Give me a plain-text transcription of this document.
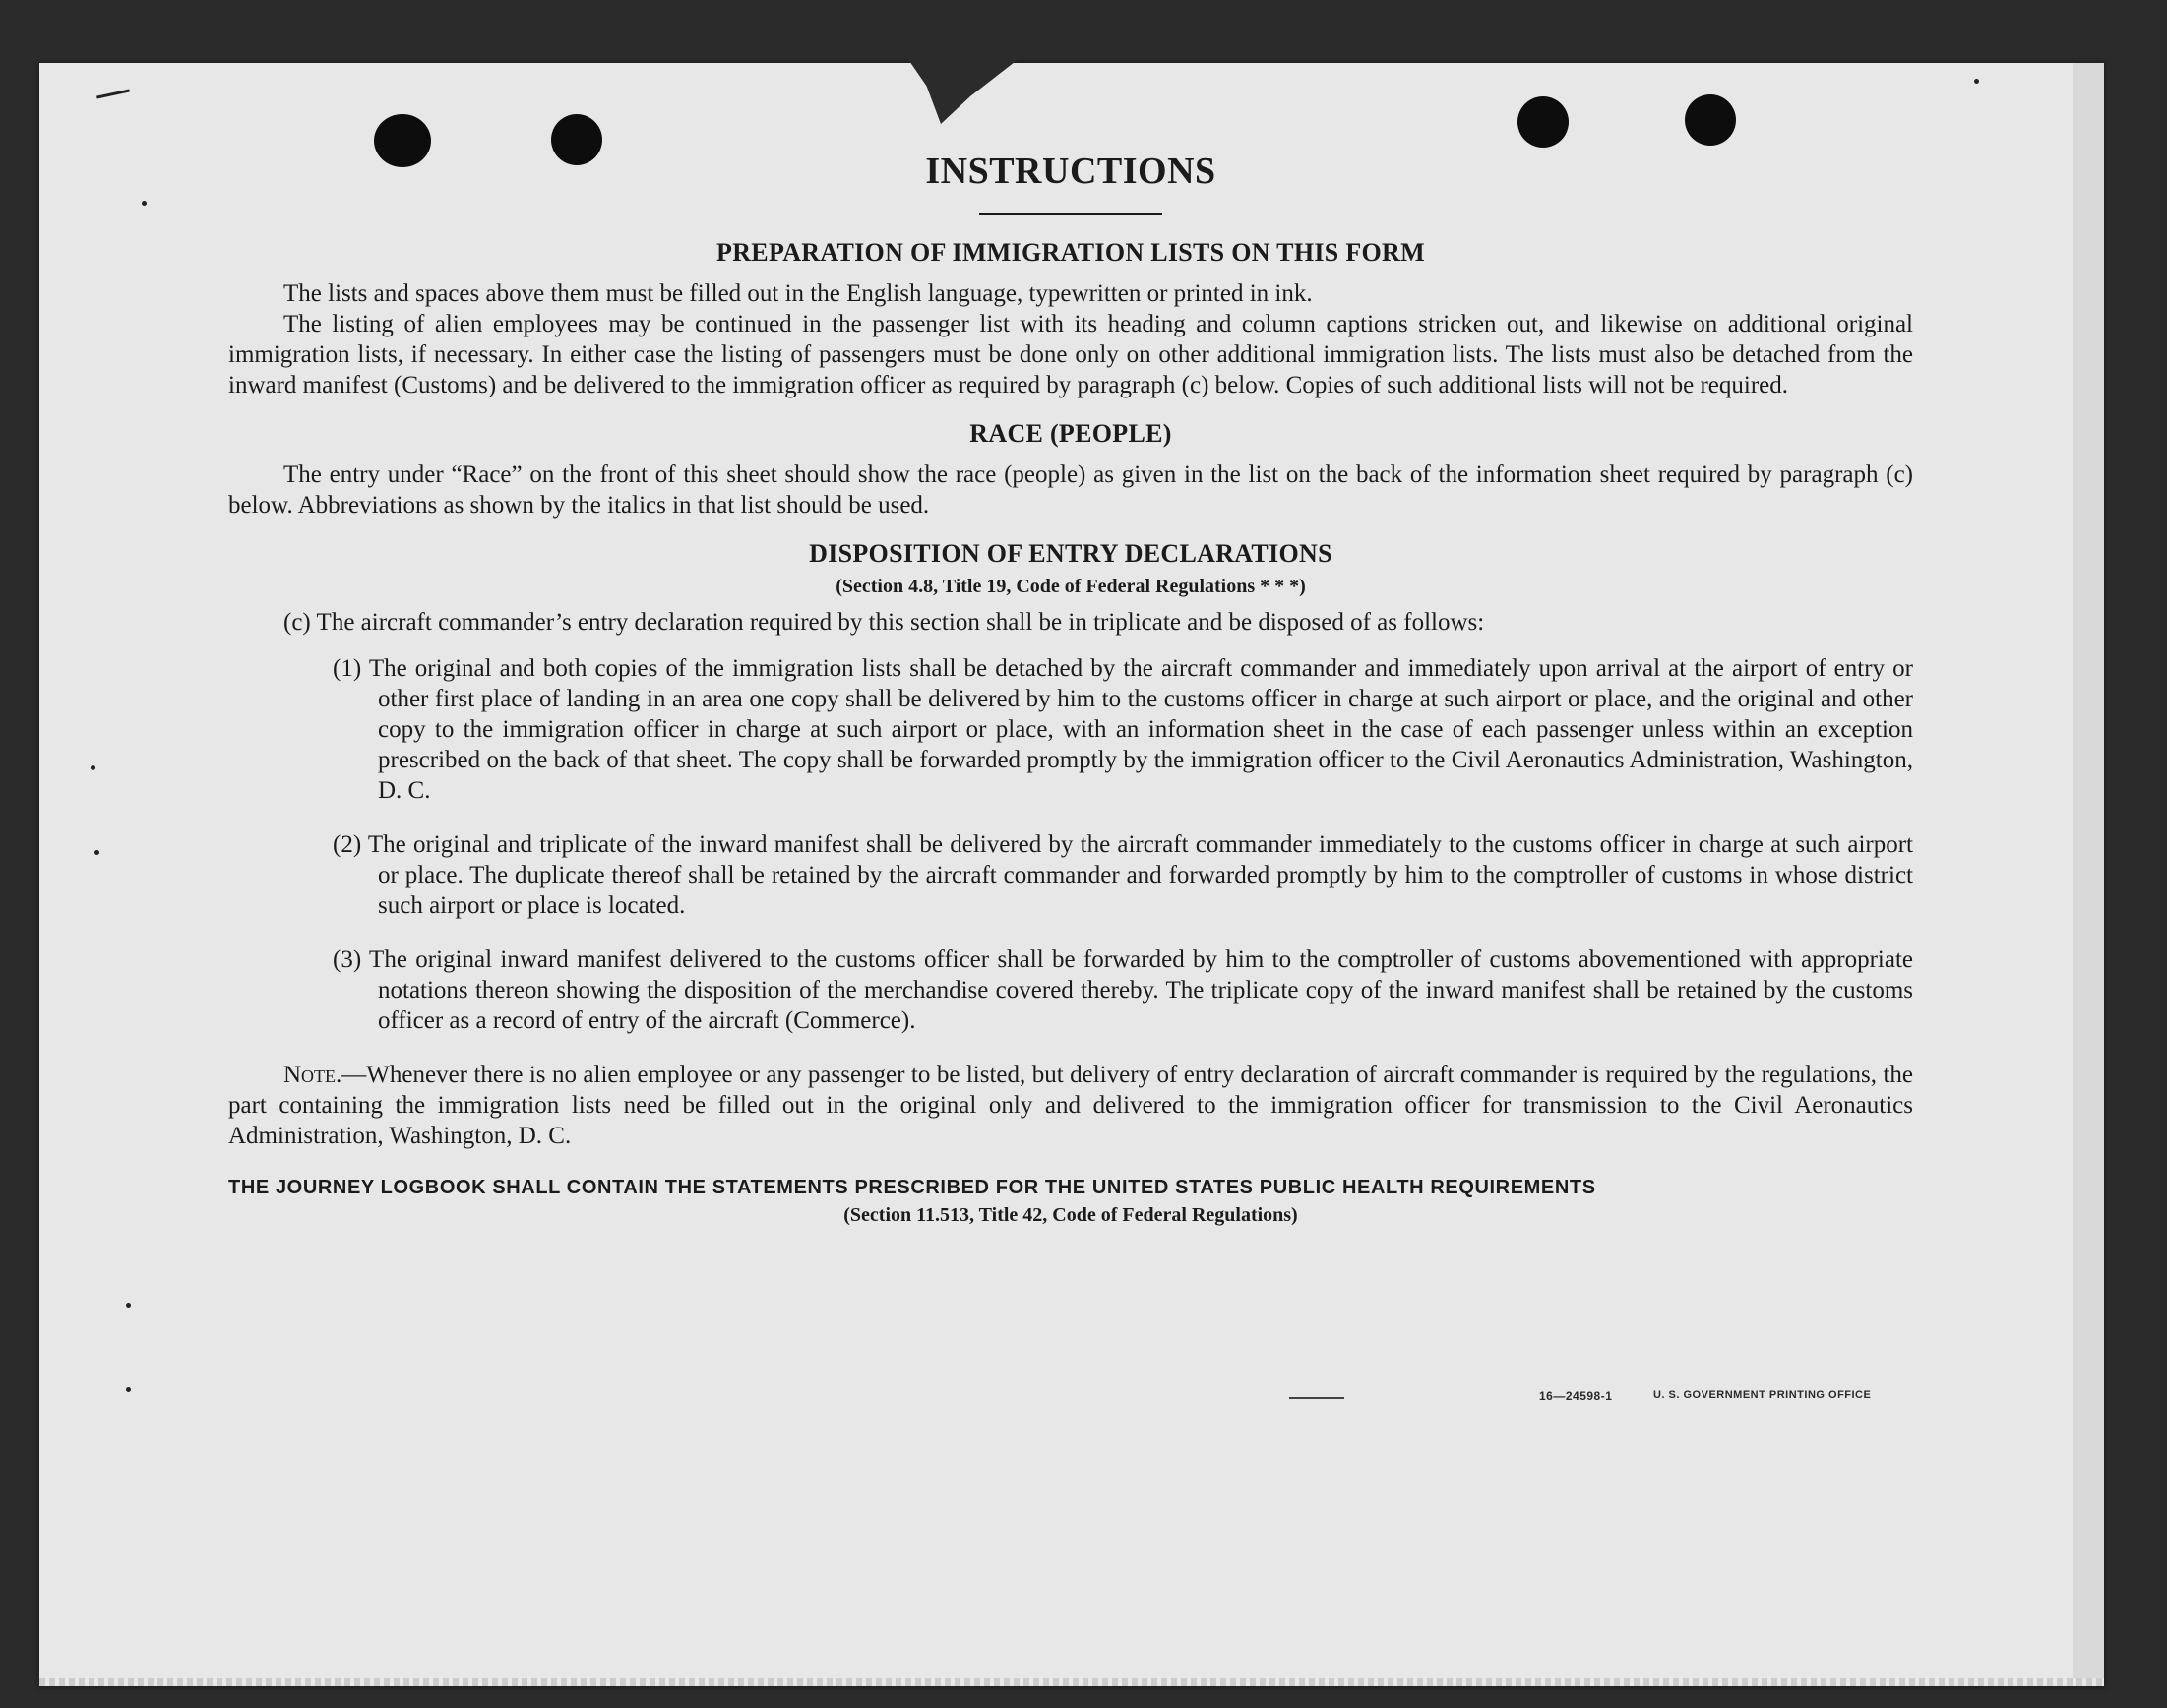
16—24598-1	U. S. GOVERNMENT PRINTING OFFICE
INSTRUCTIONS
PREPARATION OF IMMIGRATION LISTS ON THIS FORM

The lists and spaces above them must be filled out in the English language, typewritten or printed in ink.

The listing of alien employees may be continued in the passenger list with its heading and column captions stricken out, and likewise on additional original immigration lists, if necessary. In either case the listing of passengers must be done only on other additional immigration lists. The lists must also be detached from the inward manifest (Customs) and be delivered to the immigration officer as required by paragraph (c) below. Copies of such additional lists will not be required.

RACE (PEOPLE)

The entry under “Race” on the front of this sheet should show the race (people) as given in the list on the back of the information sheet required by paragraph (c) below. Abbreviations as shown by the italics in that list should be used.

DISPOSITION OF ENTRY DECLARATIONS
(Section 4.8, Title 19, Code of Federal Regulations * * *)
(c) The aircraft commander’s entry declaration required by this section shall be in triplicate and be disposed of as follows:
(1) The original and both copies of the immigration lists shall be detached by the aircraft commander and immediately upon arrival at the airport of entry or other first place of landing in an area one copy shall be delivered by him to the customs officer in charge at such airport or place, and the original and other copy to the immigration officer in charge at such airport or place, with an information sheet in the case of each passenger unless within an exception prescribed on the back of that sheet. The copy shall be forwarded promptly by the immigration officer to the Civil Aeronautics Administration, Washington, D. C.
(2) The original and triplicate of the inward manifest shall be delivered by the aircraft commander immediately to the customs officer in charge at such airport or place. The duplicate thereof shall be retained by the aircraft commander and forwarded promptly by him to the comptroller of customs in whose district such airport or place is located.
(3) The original inward manifest delivered to the customs officer shall be forwarded by him to the comptroller of customs abovementioned with appropriate notations thereon showing the disposition of the merchandise covered thereby. The triplicate copy of the inward manifest shall be retained by the customs officer as a record of entry of the aircraft (Commerce).
Note.—Whenever there is no alien employee or any passenger to be listed, but delivery of entry declaration of aircraft commander is required by the regulations, the part containing the immigration lists need be filled out in the original only and delivered to the immigration officer for transmission to the Civil Aeronautics Administration, Washington, D. C.
THE JOURNEY LOGBOOK SHALL CONTAIN THE STATEMENTS PRESCRIBED FOR THE UNITED STATES PUBLIC HEALTH REQUIREMENTS
(Section 11.513, Title 42, Code of Federal Regulations)
